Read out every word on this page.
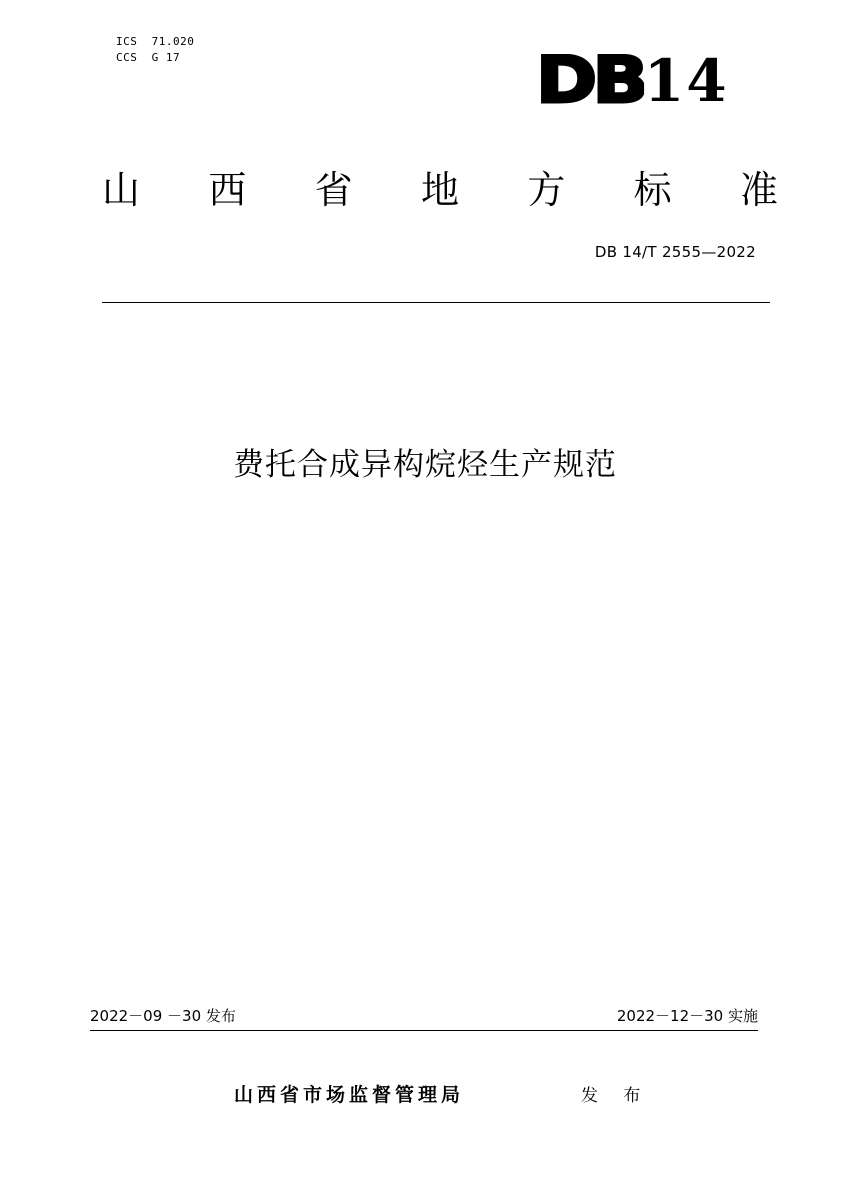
ICS 71.020
CCS G 17	DB 14
山 西 省 地 方 标 准
DB 14/T 2555—2022
费托合成异构烷烃生产规范
2022－09 －30 发布	2022－12－30 实施
山西省市场监督管理局	发 布
